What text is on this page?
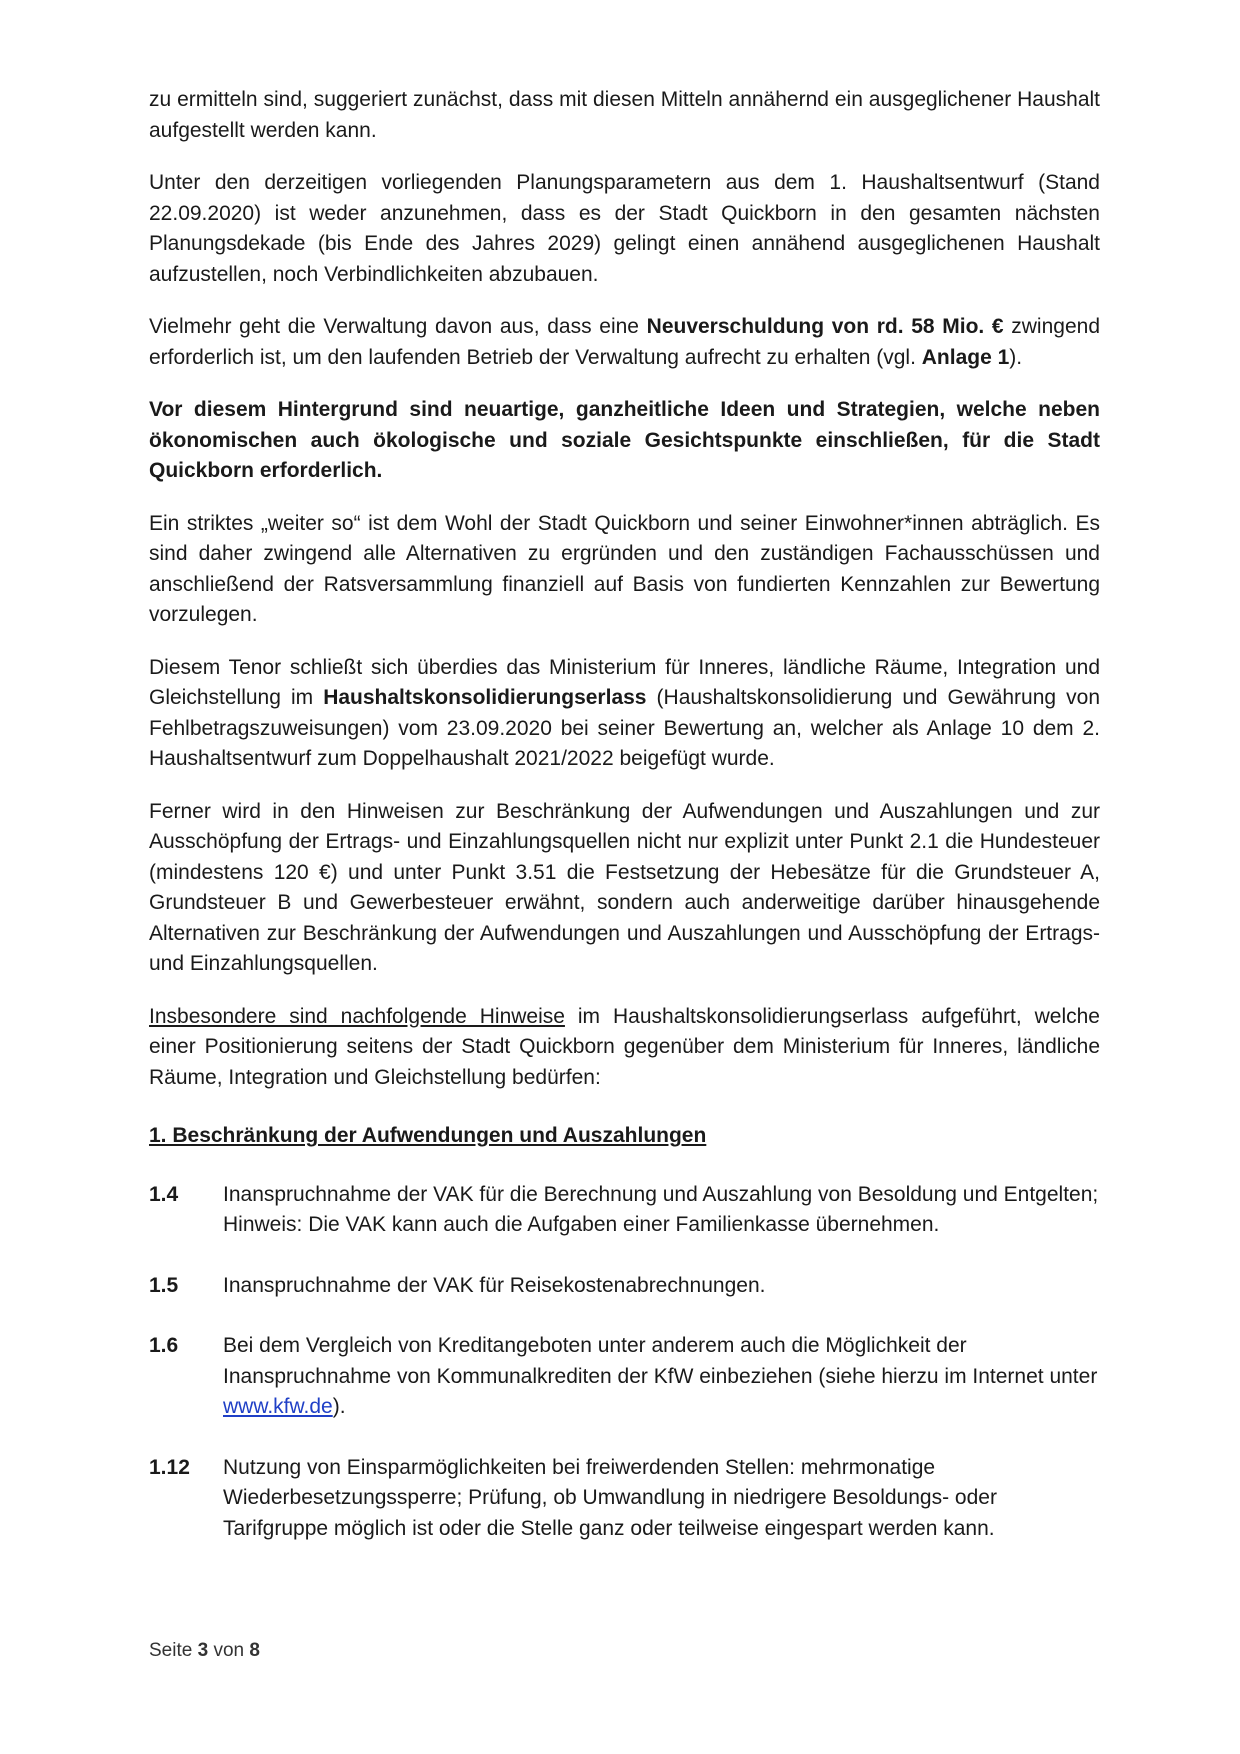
zu ermitteln sind, suggeriert zunächst, dass mit diesen Mitteln annähernd ein ausgeglichener Haushalt aufgestellt werden kann.

Unter den derzeitigen vorliegenden Planungsparametern aus dem 1. Haushaltsentwurf (Stand 22.09.2020) ist weder anzunehmen, dass es der Stadt Quickborn in den gesamten nächsten Planungsdekade (bis Ende des Jahres 2029) gelingt einen annähend ausgeglichenen Haushalt aufzustellen, noch Verbindlichkeiten abzubauen.

Vielmehr geht die Verwaltung davon aus, dass eine Neuverschuldung von rd. 58 Mio. € zwingend erforderlich ist, um den laufenden Betrieb der Verwaltung aufrecht zu erhalten (vgl. Anlage 1).

Vor diesem Hintergrund sind neuartige, ganzheitliche Ideen und Strategien, welche neben ökonomischen auch ökologische und soziale Gesichtspunkte einschließen, für die Stadt Quickborn erforderlich.

Ein striktes „weiter so“ ist dem Wohl der Stadt Quickborn und seiner Einwohner*innen abträglich. Es sind daher zwingend alle Alternativen zu ergründen und den zuständigen Fachausschüssen und anschließend der Ratsversammlung finanziell auf Basis von fundierten Kennzahlen zur Bewertung vorzulegen.

Diesem Tenor schließt sich überdies das Ministerium für Inneres, ländliche Räume, Integration und Gleichstellung im Haushaltskonsolidierungserlass (Haushaltskonsolidierung und Gewährung von Fehlbetragszuweisungen) vom 23.09.2020 bei seiner Bewertung an, welcher als Anlage 10 dem 2. Haushaltsentwurf zum Doppelhaushalt 2021/2022 beigefügt wurde.

Ferner wird in den Hinweisen zur Beschränkung der Aufwendungen und Auszahlungen und zur Ausschöpfung der Ertrags- und Einzahlungsquellen nicht nur explizit unter Punkt 2.1 die Hundesteuer (mindestens 120 €) und unter Punkt 3.51 die Festsetzung der Hebesätze für die Grundsteuer A, Grundsteuer B und Gewerbesteuer erwähnt, sondern auch anderweitige darüber hinausgehende Alternativen zur Beschränkung der Aufwendungen und Auszahlungen und Ausschöpfung der Ertrags- und Einzahlungsquellen.

Insbesondere sind nachfolgende Hinweise im Haushaltskonsolidierungserlass aufgeführt, welche einer Positionierung seitens der Stadt Quickborn gegenüber dem Ministerium für Inneres, ländliche Räume, Integration und Gleichstellung bedürfen:

1. Beschränkung der Aufwendungen und Auszahlungen
1.4	Inanspruchnahme der VAK für die Berechnung und Auszahlung von Besoldung und Entgelten; Hinweis: Die VAK kann auch die Aufgaben einer Familienkasse übernehmen.
1.5	Inanspruchnahme der VAK für Reisekostenabrechnungen.
1.6	Bei dem Vergleich von Kreditangeboten unter anderem auch die Möglichkeit der Inanspruchnahme von Kommunalkrediten der KfW einbeziehen (siehe hierzu im Internet unter www.kfw.de).
1.12	Nutzung von Einsparmöglichkeiten bei freiwerdenden Stellen: mehrmonatige Wiederbesetzungssperre; Prüfung, ob Umwandlung in niedrigere Besoldungs- oder Tarifgruppe möglich ist oder die Stelle ganz oder teilweise eingespart werden kann.
Seite 3 von 8
